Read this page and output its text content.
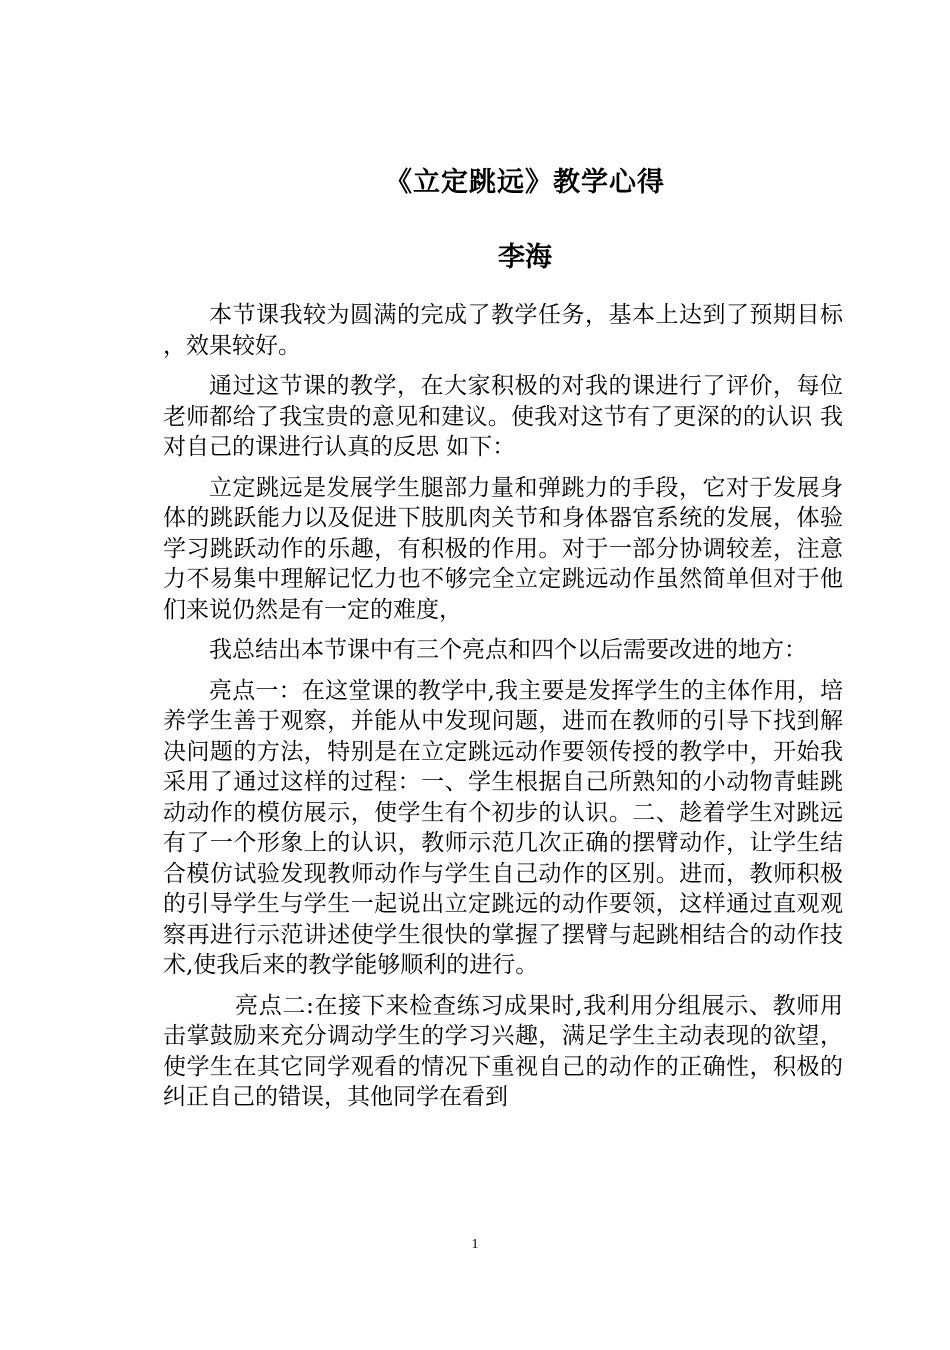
《立定跳远》教学心得
李海

本节课我较为圆满的完成了教学任务，基本上达到了预期目标 ，效果较好。

通过这节课的教学，在大家积极的对我的课进行了评价，每位老师都给了我宝贵的意见和建议。使我对这节有了更深的的认识 我对自己的课进行认真的反思 如下：

立定跳远是发展学生腿部力量和弹跳力的手段，它对于发展身体的跳跃能力以及促进下肢肌肉关节和身体器官系统的发展，体验学习跳跃动作的乐趣，有积极的作用。对于一部分协调较差，注意力不易集中理解记忆力也不够完全立定跳远动作虽然简单但对于他们来说仍然是有一定的难度，

我总结出本节课中有三个亮点和四个以后需要改进的地方：

亮点一：在这堂课的教学中,我主要是发挥学生的主体作用，培养学生善于观察，并能从中发现问题，进而在教师的引导下找到解决问题的方法，特别是在立定跳远动作要领传授的教学中，开始我采用了通过这样的过程：一、学生根据自己所熟知的小动物青蛙跳动动作的模仿展示，使学生有个初步的认识。二、趁着学生对跳远有了一个形象上的认识，教师示范几次正确的摆臂动作，让学生结合模仿试验发现教师动作与学生自己动作的区别。进而，教师积极的引导学生与学生一起说出立定跳远的动作要领，这样通过直观观察再进行示范讲述使学生很快的掌握了摆臂与起跳相结合的动作技术,使我后来的教学能够顺利的进行。

亮点二:在接下来检查练习成果时,我利用分组展示、教师用击掌鼓励来充分调动学生的学习兴趣，满足学生主动表现的欲望，使学生在其它同学观看的情况下重视自己的动作的正确性，积极的纠正自己的错误，其他同学在看到

1
